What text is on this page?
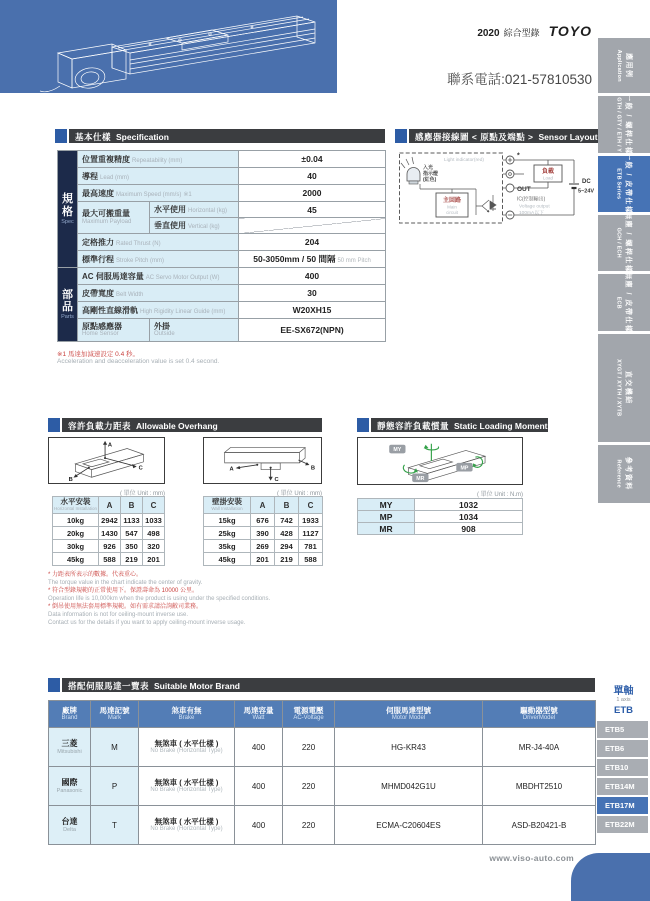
2020 綜合型錄 TOYO
聯系電話:021-57810530
應用例
Application
一般 / 螺桿仕樣
GTH / GTY / ETH / Y
一般 / 皮帶仕樣
ETB Series
無塵 / 螺桿仕樣
GCH / ECH
無塵 / 皮帶仕樣
ECB
直交機結
XYGT / XYTH / XYTB
參考資料
Reference
基本仕樣 Specification
規格
Spec	位置重複精度 Repeatability (mm)		±0.04
	導程 Lead (mm)		40
	最高速度 Maximum Speed (mm/s) ※1		2000

	最大可搬重量
Maximum Payload	水平使用 Horizontal (kg)	45
		垂直使用 Vertical (kg)	
	定格推力 Rated Thrust (N)		204
	標準行程 Stroke Pitch (mm)		50-3050mm / 50 間隔 50 mm Pitch

部品
Parts	AC 伺服馬達容量 AC Servo Motor Output (W)		400
	皮帶寬度 Belt Width		30
	高剛性直線滑軌 High Rigidity Linear Guide (mm)		W20XH15

	原點感應器
Home Sensor	外掛
Outside	EE-SX672(NPN)
※1 馬達加減速設定 0.4 秒。
Acceleration and deacceleration value is set 0.4 second.
感應器接線圖 < 原點及端點 > Sensor Layout
入光
指示燈
(紅色)
Light indicator(red)
主回路
Main
circuit
*
OUT
IC(控制輸出)
Voltage output
100mA以下
負載
Load
DC
5~24V
容許負載力距表 Allowable Overhang
A
C
B
A	B
C
( 單位 Unit : mm)	( 單位 Unit : mm)
水平安裝
Horizontal Installation	A	B	C
10kg	2942	1133	1033
20kg	1430	547	498
30kg	926	350	320
45kg	588	219	201
壁掛安裝
Wall Installation	A	B	C
15kg	676	742	1933
25kg	390	428	1127
35kg	269	294	781
45kg	201	219	588
* 力距表所表示的數據。代表重心。
The torque value in the chart indicate the center of gravity.
* 符合型錄規範的正常使用下。保證壽命為 10000 公里。
Operation life is 10,000km when the product is using under the specified conditions.
* 倒吊使用無法套用標準規範。如有需求請洽詢敝司業務。
Data information is not for ceiling-mount inverse use.
Contact us for the details if you want to apply ceiling-mount inverse usage.
靜態容許負載慣量 Static Loading Moment
MY
MP
MR
( 單位 Unit : N.m)
MY	1032
MP	1034
MR	908
搭配伺服馬達一覽表 Suitable Motor Brand
廠牌
Brand	馬達記號
Mark	煞車有無
Brake	馬達容量
Watt	電源電壓
AC-Voltage	伺服馬達型號
Motor Model	驅動器型號
DriverModel

三菱
Mitsubishi	M	無煞車 ( 水平仕樣 )
No Brake (Horizontal Type)	400	220	HG-KR43	MR-J4-40A

國際
Panasonic	P	無煞車 ( 水平仕樣 )
No Brake (Horizontal Type)	400	220	MHMD042G1U	MBDHT2510

台達
Delta	T	無煞車 ( 水平仕樣 )
No Brake (Horizontal Type)	400	220	ECMA-C20604ES	ASD-B20421-B
單軸
1 axis
ETB
ETB5
ETB6
ETB10
ETB14M
ETB17M
ETB22M
www.viso-auto.com
